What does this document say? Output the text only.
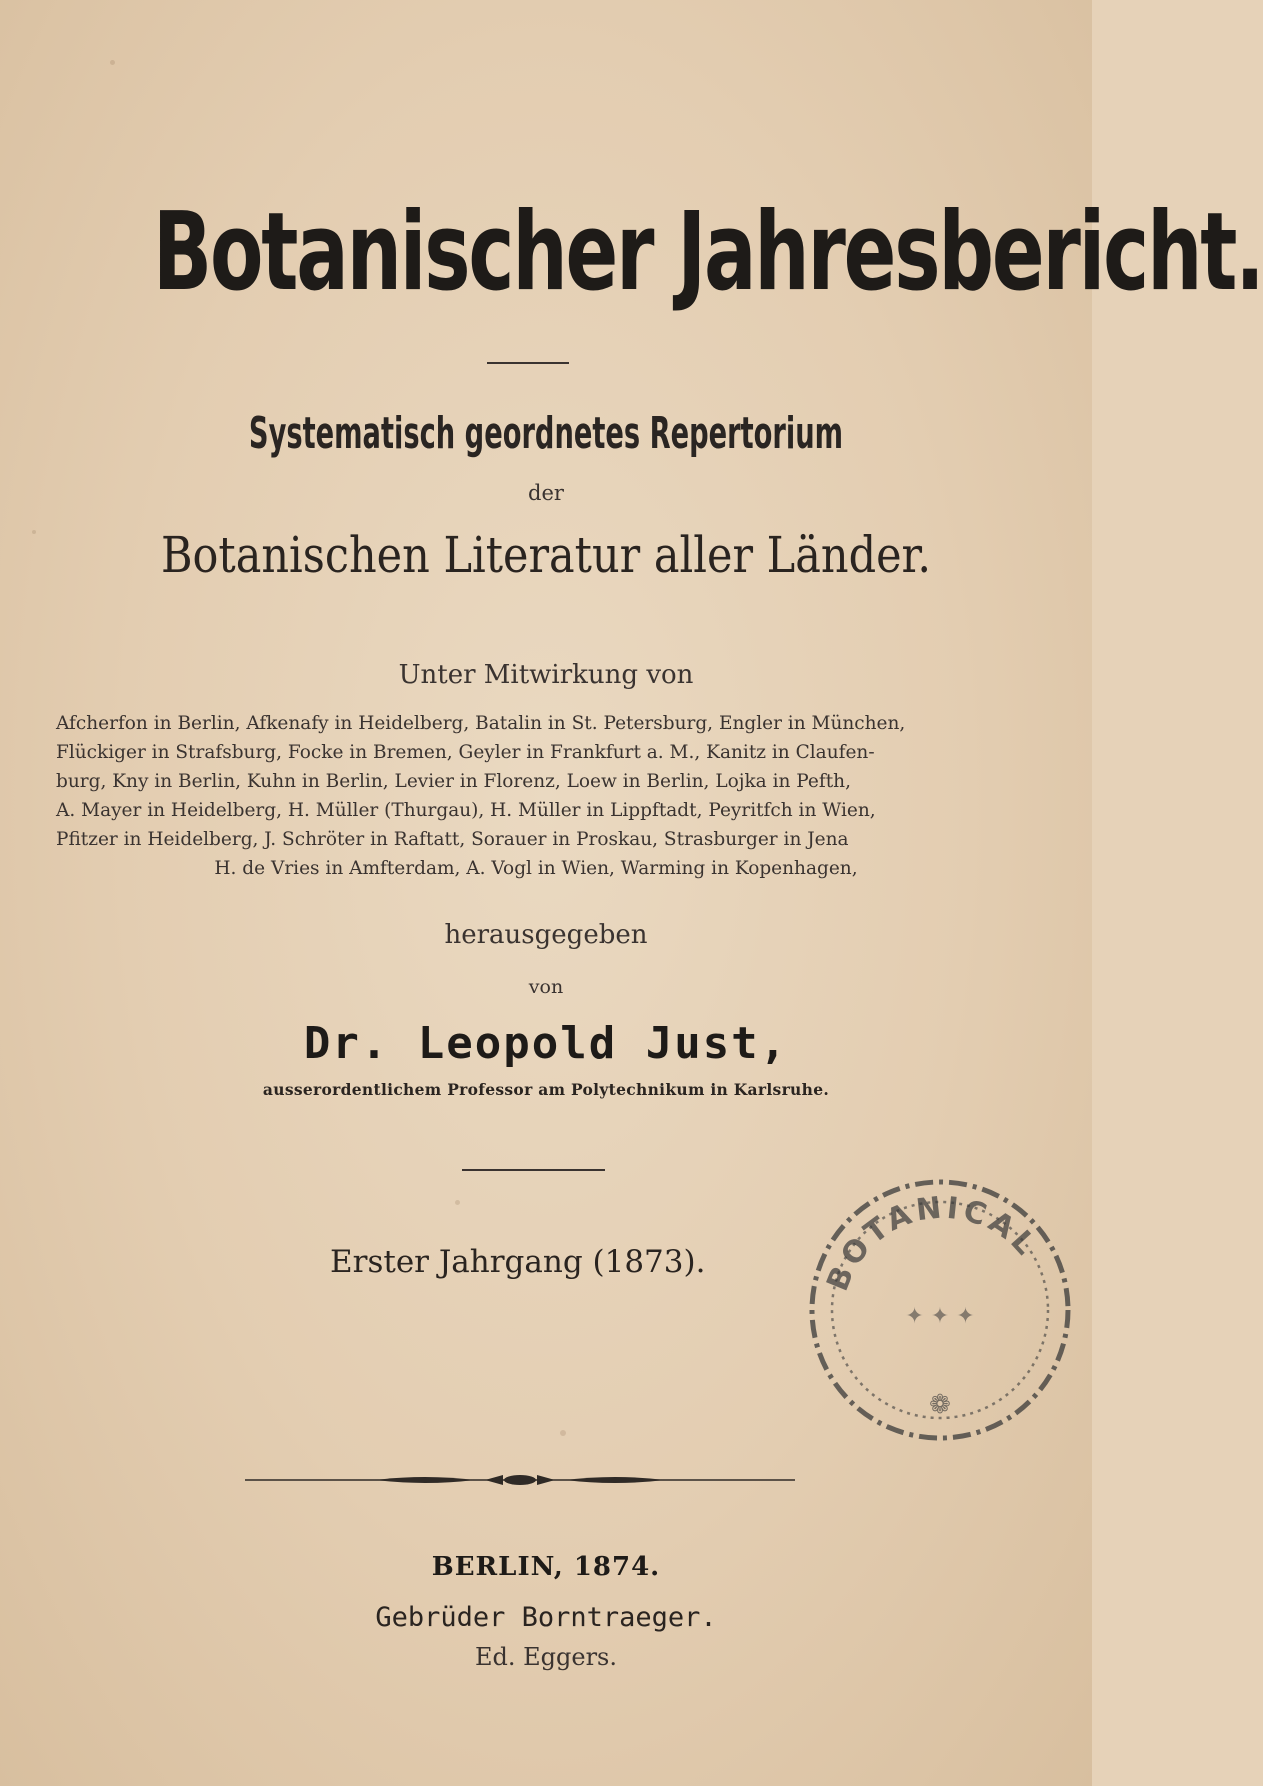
Botanischer Jahresbericht.
Systematisch geordnetes Repertorium
der
Botanischen Literatur aller Länder.
Unter Mitwirkung von
Afcherfon in Berlin, Afkenafy in Heidelberg, Batalin in St. Petersburg, Engler in München,
Flückiger in Strafsburg, Focke in Bremen, Geyler in Frankfurt a. M., Kanitz in Claufen-
burg, Kny in Berlin, Kuhn in Berlin, Levier in Florenz, Loew in Berlin, Lojka in Pefth,
A. Mayer in Heidelberg, H. Müller (Thurgau), H. Müller in Lippftadt, Peyritfch in Wien,
Pfitzer in Heidelberg, J. Schröter in Raftatt, Sorauer in Proskau, Strasburger in Jena
H. de Vries in Amfterdam, A. Vogl in Wien, Warming in Kopenhagen,
herausgegeben
von
Dr. Leopold Just,
ausserordentlichem Professor am Polytechnikum in Karlsruhe.
Erster Jahrgang (1873).	BOTANICAL
✦ ✦ ✦
❁
BERLIN, 1874.
Gebrüder Borntraeger.
Ed. Eggers.
